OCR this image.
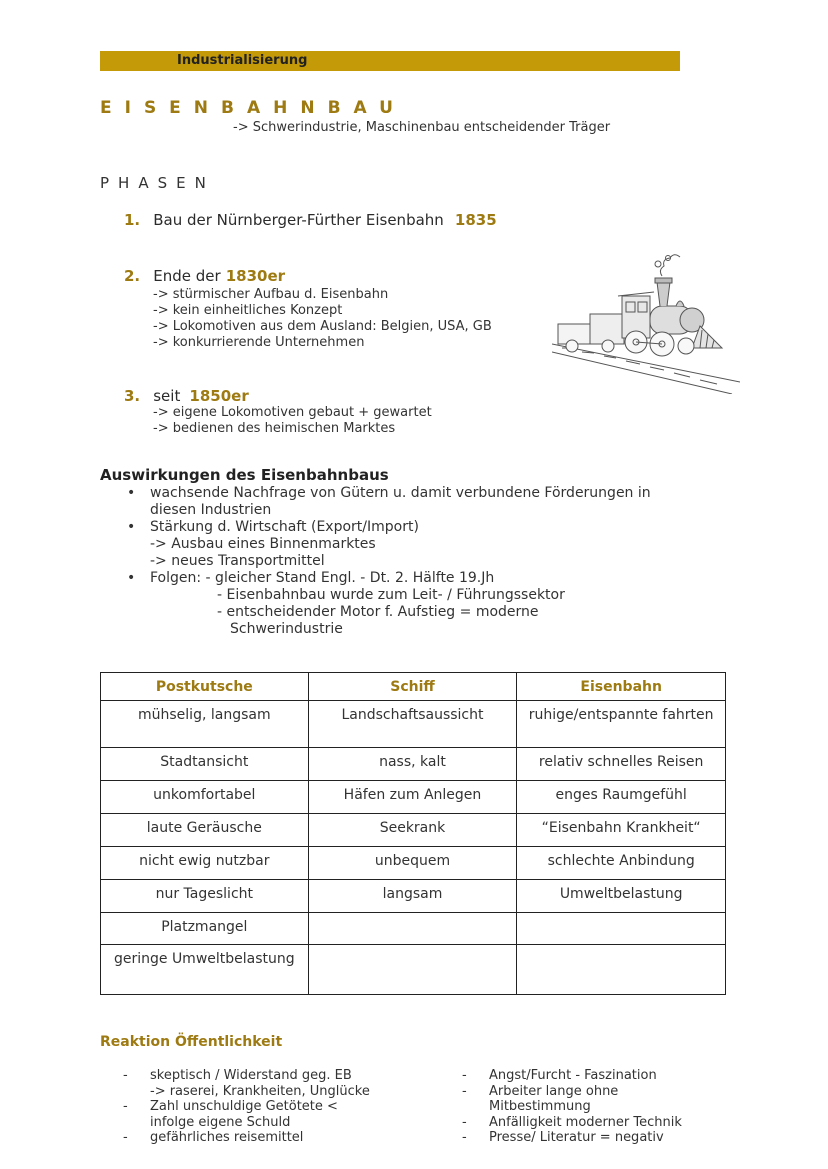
Industrialisierung
EISENBAHNBAU
-> Schwerindustrie, Maschinenbau entscheidender Träger
PHASEN
1. Bau der Nürnberger-Fürther Eisenbahn 1835
2. Ende der 1830er
-> stürmischer Aufbau d. Eisenbahn
-> kein einheitliches Konzept
-> Lokomotiven aus dem Ausland: Belgien, USA, GB
-> konkurrierende Unternehmen
3. seit 1850er
-> eigene Lokomotiven gebaut + gewartet
-> bedienen des heimischen Marktes
Auswirkungen des Eisenbahnbaus
• wachsende Nachfrage von Gütern u. damit verbundene Förderungen in
diesen Industrien
• Stärkung d. Wirtschaft (Export/Import)
-> Ausbau eines Binnenmarktes
-> neues Transportmittel
• Folgen: - gleicher Stand Engl. - Dt. 2. Hälfte 19.Jh
- Eisenbahnbau wurde zum Leit- / Führungssektor
- entscheidender Motor f. Aufstieg = moderne
Schwerindustrie
Postkutsche	Schiff	Eisenbahn
mühselig, langsam	Landschaftsaussicht	ruhige/entspannte fahrten
Stadtansicht	nass, kalt	relativ schnelles Reisen
unkomfortabel	Häfen zum Anlegen	enges Raumgefühl
laute Geräusche	Seekrank	“Eisenbahn Krankheit“
nicht ewig nutzbar	unbequem	schlechte Anbindung
nur Tageslicht	langsam	Umweltbelastung
Platzmangel		
geringe Umweltbelastung		
Reaktion Öffentlichkeit
- skeptisch / Widerstand geg. EB
-> raserei, Krankheiten, Unglücke
- Zahl unschuldige Getötete <
infolge eigene Schuld
- gefährliches reisemittel
- Angst/Furcht - Faszination
- Arbeiter lange ohne
Mitbestimmung
- Anfälligkeit moderner Technik
- Presse/ Literatur = negativ
